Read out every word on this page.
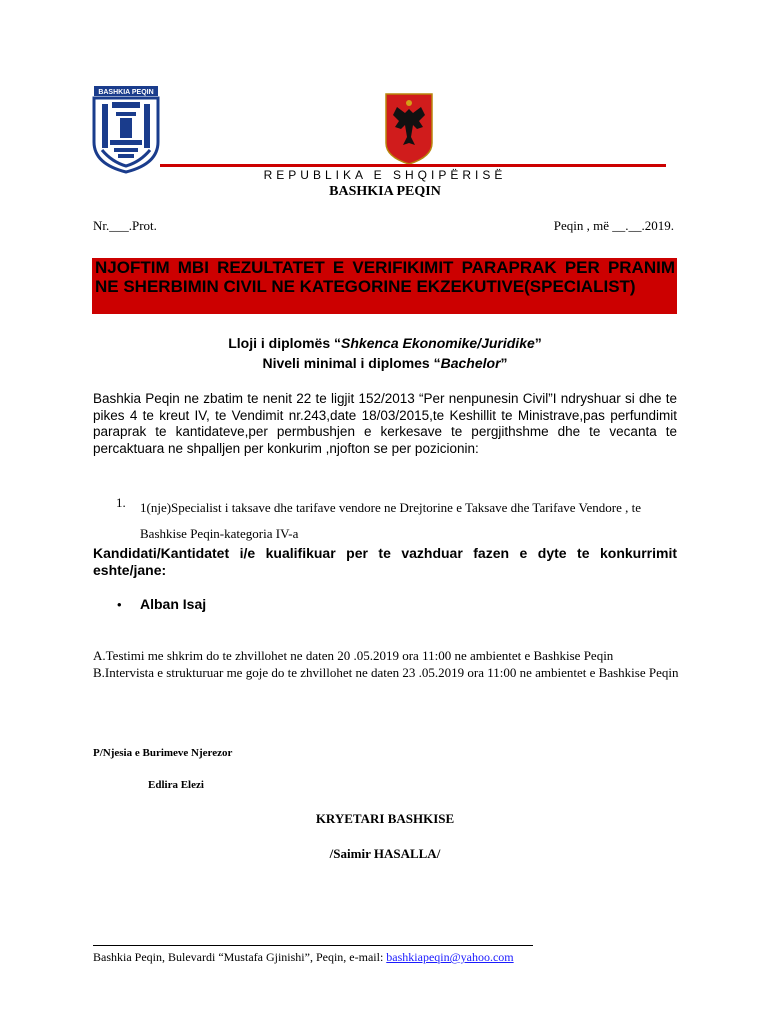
BASHKIA PEQIN
REPUBLIKA E SHQIPËRISË
BASHKIA PEQIN
Nr.___.Prot.	Peqin , më __.__.2019.
NJOFTIM MBI REZULTATET E VERIFIKIMIT PARAPRAK PER PRANIM NE SHERBIMIN CIVIL NE KATEGORINE EKZEKUTIVE(SPECIALIST)
Lloji i diplomës “Shkenca Ekonomike/Juridike”
Niveli minimal i diplomes “Bachelor”
Bashkia Peqin ne zbatim te nenit 22 te ligjit 152/2013 “Per nenpunesin Civil”I ndryshuar si dhe te pikes 4 te kreut IV, te Vendimit nr.243,date 18/03/2015,te Keshillit te Ministrave,pas perfundimit paraprak te kantidateve,per permbushjen e kerkesave te pergjithshme dhe te vecanta te percaktuara ne shpalljen per konkurim ,njofton se per pozicionin:
1. 1(nje)Specialist i taksave dhe tarifave vendore ne Drejtorine e Taksave dhe Tarifave Vendore , te Bashkise Peqin-kategoria IV-a
Kandidati/Kantidatet i/e kualifikuar per te vazhduar fazen e dyte te konkurrimit eshte/jane:
• Alban Isaj
A.Testimi me shkrim do te zhvillohet ne daten 20 .05.2019 ora 11:00 ne ambientet e Bashkise Peqin
B.Intervista e strukturuar me goje do te zhvillohet ne daten 23 .05.2019 ora 11:00 ne ambientet e Bashkise Peqin
P/Njesia e Burimeve Njerezor
Edlira Elezi
KRYETARI BASHKISE
/Saimir HASALLA/
Bashkia Peqin, Bulevardi “Mustafa Gjinishi”, Peqin, e-mail: bashkiapeqin@yahoo.com
